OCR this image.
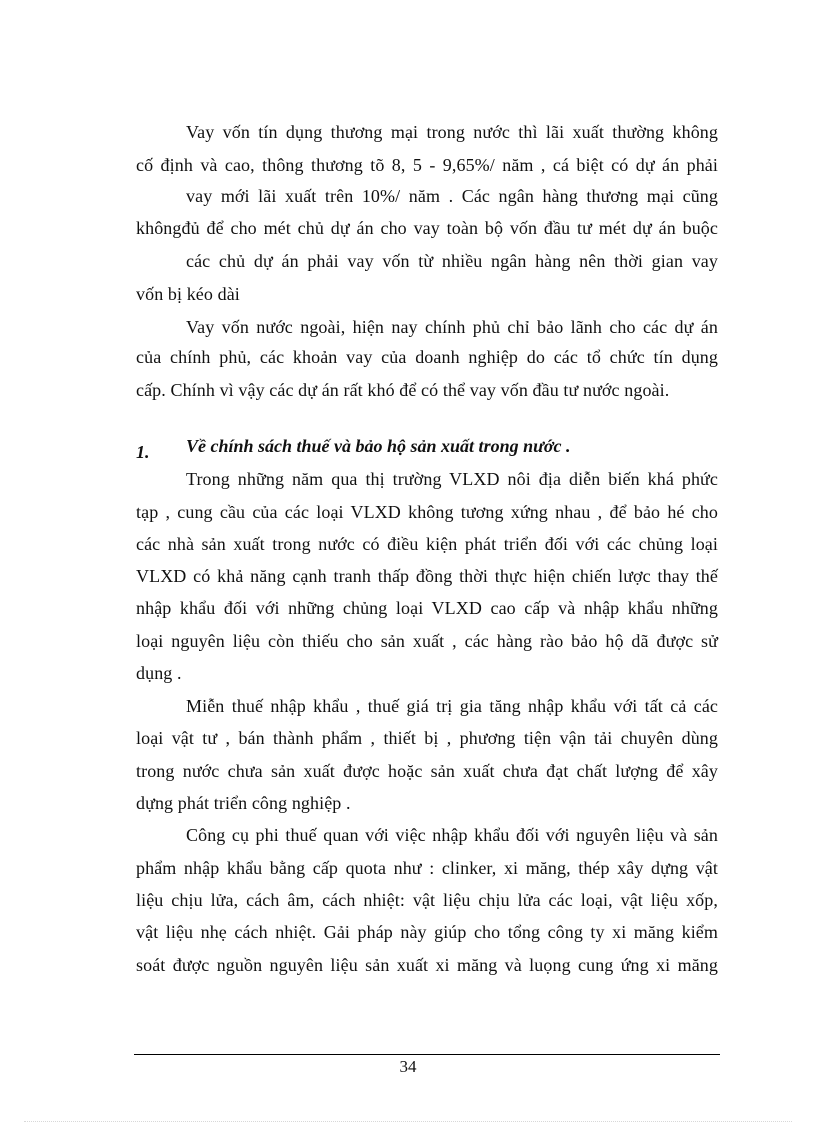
Vay vốn tín dụng thương mại trong nước thì lãi xuất thường không
cố định và cao, thông thương tõ 8, 5 - 9,65%/ năm , cá biệt có dự án phải
vay mới lãi xuất trên 10%/ năm . Các ngân hàng thương mại cũng
khôngđủ để cho mét chủ dự án cho vay toàn bộ vốn đầu tư mét dự án buộc
các chủ dự án phải vay vốn từ nhiều ngân hàng nên thời gian vay
vốn bị kéo dài
Vay vốn nước ngoài, hiện nay chính phủ chỉ bảo lãnh cho các dự án
của chính phủ, các khoản vay của doanh nghiệp do các tổ chức tín dụng
cấp. Chính vì vậy các dự án rất khó để có thể vay vốn đầu tư nước ngoài.
1. Về chính sách thuế và bảo hộ sản xuất trong nước .
Trong những năm qua thị trường VLXD nôi địa diễn biến khá phức
tạp , cung cầu của các loại VLXD không tương xứng nhau , để bảo hé cho
các nhà sản xuất trong nước có điều kiện phát triển đối với các chủng loại
VLXD có khả năng cạnh tranh thấp đồng thời thực hiện chiến lược thay thế
nhập khẩu đối với những chủng loại VLXD cao cấp và nhập khẩu những
loại nguyên liệu còn thiếu cho sản xuất , các hàng rào bảo hộ dã được sử
dụng .
Miễn thuế nhập khẩu , thuế giá trị gia tăng nhập khẩu với tất cả các
loại vật tư , bán thành phẩm , thiết bị , phương tiện vận tải chuyên dùng
trong nước chưa sản xuất được hoặc sản xuất chưa đạt chất lượng để xây
dựng phát triển công nghiệp .
Công cụ phi thuế quan với việc nhập khẩu đối với nguyên liệu và sản
phẩm nhập khẩu bằng cấp quota như : clinker, xi măng, thép xây dựng vật
liệu chịu lửa, cách âm, cách nhiệt: vật liệu chịu lửa các loại, vật liệu xốp,
vật liệu nhẹ cách nhiệt. Gải pháp này giúp cho tổng công ty xi măng kiểm
soát được nguồn nguyên liệu sản xuất xi măng và luọng cung ứng xi măng
34
